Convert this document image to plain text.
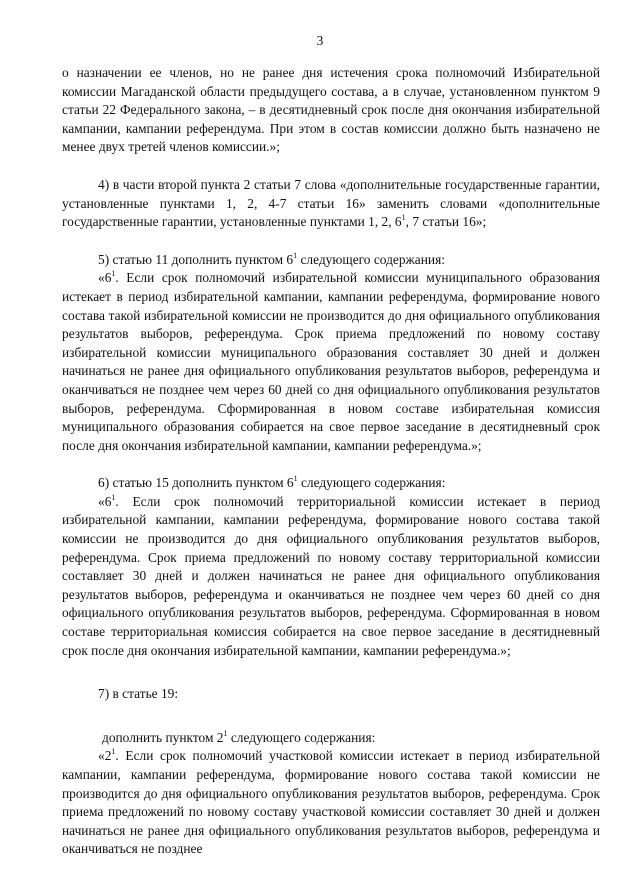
3

о назначении ее членов, но не ранее дня истечения срока полномочий Избирательной комиссии Магаданской области предыдущего состава, а в случае, установленном пунктом 9 статьи 22 Федерального закона, – в десятидневный срок после дня окончания избирательной кампании, кампании референдума. При этом в состав комиссии должно быть назначено не менее двух третей членов комиссии.»;

4) в части второй пункта 2 статьи 7 слова «дополнительные государственные гарантии, установленные пунктами 1, 2, 4-7 статьи 16» заменить словами «дополнительные государственные гарантии, установленные пунктами 1, 2, $6^1$, 7 статьи 16»;

5) статью 11 дополнить пунктом $6^1$ следующего содержания:

«$6^1$. Если срок полномочий избирательной комиссии муниципального образования истекает в период избирательной кампании, кампании референдума, формирование нового состава такой избирательной комиссии не производится до дня официального опубликования результатов выборов, референдума. Срок приема предложений по новому составу избирательной комиссии муниципального образования составляет 30 дней и должен начинаться не ранее дня официального опубликования результатов выборов, референдума и оканчиваться не позднее чем через 60 дней со дня официального опубликования результатов выборов, референдума. Сформированная в новом составе избирательная комиссия муниципального образования собирается на свое первое заседание в десятидневный срок после дня окончания избирательной кампании, кампании референдума.»;

6) статью 15 дополнить пунктом $6^1$ следующего содержания:

«$6^1$. Если срок полномочий территориальной комиссии истекает в период избирательной кампании, кампании референдума, формирование нового состава такой комиссии не производится до дня официального опубликования результатов выборов, референдума. Срок приема предложений по новому составу территориальной комиссии составляет 30 дней и должен начинаться не ранее дня официального опубликования результатов выборов, референдума и оканчиваться не позднее чем через 60 дней со дня официального опубликования результатов выборов, референдума. Сформированная в новом составе территориальная комиссия собирается на свое первое заседание в десятидневный срок после дня окончания избирательной кампании, кампании референдума.»;

7) в статье 19:

дополнить пунктом $2^1$ следующего содержания:

«$2^1$. Если срок полномочий участковой комиссии истекает в период избирательной кампании, кампании референдума, формирование нового состава такой комиссии не производится до дня официального опубликования результатов выборов, референдума. Срок приема предложений по новому составу участковой комиссии составляет 30 дней и должен начинаться не ранее дня официального опубликования результатов выборов, референдума и оканчиваться не позднее
